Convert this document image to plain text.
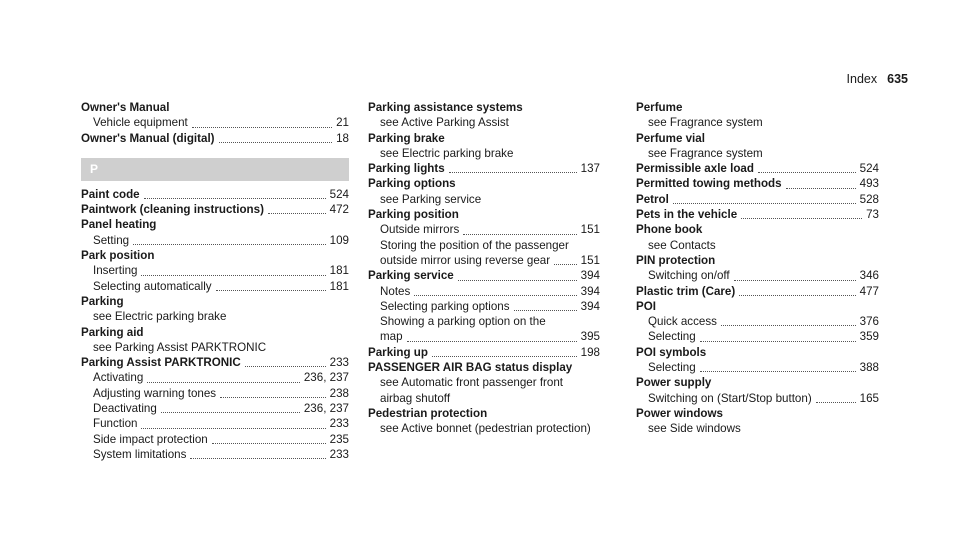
Index 635
Owner's Manual
Vehicle equipment	21
Owner's Manual (digital)	18
P
Paint code	524
Paintwork (cleaning instructions)	472
Panel heating
Setting	109
Park position
Inserting	181
Selecting automatically	181
Parking
see Electric parking brake
Parking aid
see Parking Assist PARKTRONIC
Parking Assist PARKTRONIC	233
Activating	236, 237
Adjusting warning tones	238
Deactivating	236, 237
Function	233
Side impact protection	235
System limitations	233
Parking assistance systems
see Active Parking Assist
Parking brake
see Electric parking brake
Parking lights	137
Parking options
see Parking service
Parking position
Outside mirrors	151
Storing the position of the passenger
outside mirror using reverse gear	151
Parking service	394
Notes	394
Selecting parking options	394
Showing a parking option on the
map	395
Parking up	198
PASSENGER AIR BAG status display
see Automatic front passenger front
airbag shutoff
Pedestrian protection
see Active bonnet (pedestrian protection)
Perfume
see Fragrance system
Perfume vial
see Fragrance system
Permissible axle load	524
Permitted towing methods	493
Petrol	528
Pets in the vehicle	73
Phone book
see Contacts
PIN protection
Switching on/off	346
Plastic trim (Care)	477
POI
Quick access	376
Selecting	359
POI symbols
Selecting	388
Power supply
Switching on (Start/Stop button)	165
Power windows
see Side windows
